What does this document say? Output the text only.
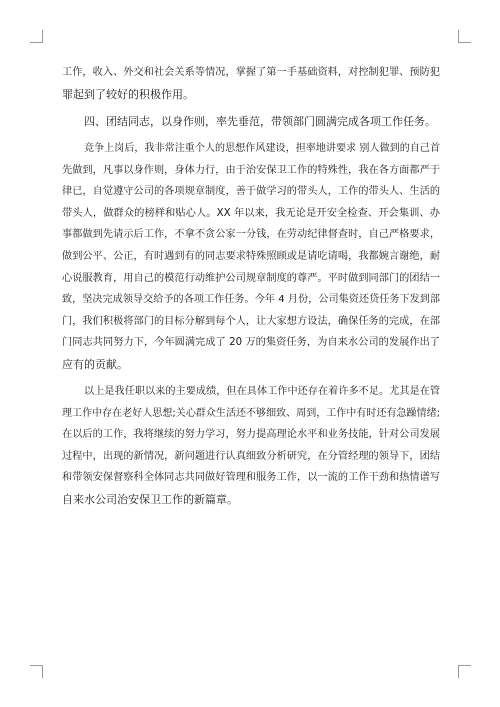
工作，收入、外交和社会关系等情况，掌握了第一手基础资料，对控制犯罪、预防犯
罪起到了较好的积极作用。
四、团结同志，以身作则，率先垂范，带领部门圆满完成各项工作任务。
竞争上岗后，我非常注重个人的思想作风建设，担率地讲要求 别人做到的自己首
先做到，凡事以身作则，身体力行，由于治安保卫工作的特殊性，我在各方面都严于
律已，自觉遵守公司的各项规章制度，善于做学习的带头人，工作的带头人、生活的
带头人，做群众的榜样和贴心人。XX 年以来，我无论是开安全检查、开会集训、办
事都做到先请示后工作，不拿不贪公家一分钱，在劳动纪律督查时，自己严格要求，
做到公平、公正，有时遇到有的同志要求特殊照顾或是请吃请喝，我都婉言谢绝，耐
心说服教育，用自己的模范行动维护公司规章制度的尊严。平时做到同部门的团结一
致，坚决完成领导交给予的各项工作任务。今年 4 月份，公司集资还贷任务下发到部
门，我们积极将部门的目标分解到每个人，让大家想方设法，确保任务的完成，在部
门同志共同努力下，今年圆满完成了 20 万的集资任务，为自来水公司的发展作出了
应有的贡献。
以上是我任职以来的主要成绩，但在具体工作中还存在着许多不足。尤其是在管
理工作中存在老好人思想;关心群众生活还不够细致、周到，工作中有时还有急躁情绪;
在以后的工作，我将继续的努力学习，努力提高理论水平和业务技能，针对公司发展
过程中，出现的新情况，新问题进行认真细致分析研究，在分管经理的领导下，团结
和带领安保督察科全体同志共同做好管理和服务工作，以一流的工作干劲和热情谱写
自来水公司治安保卫工作的新篇章。
